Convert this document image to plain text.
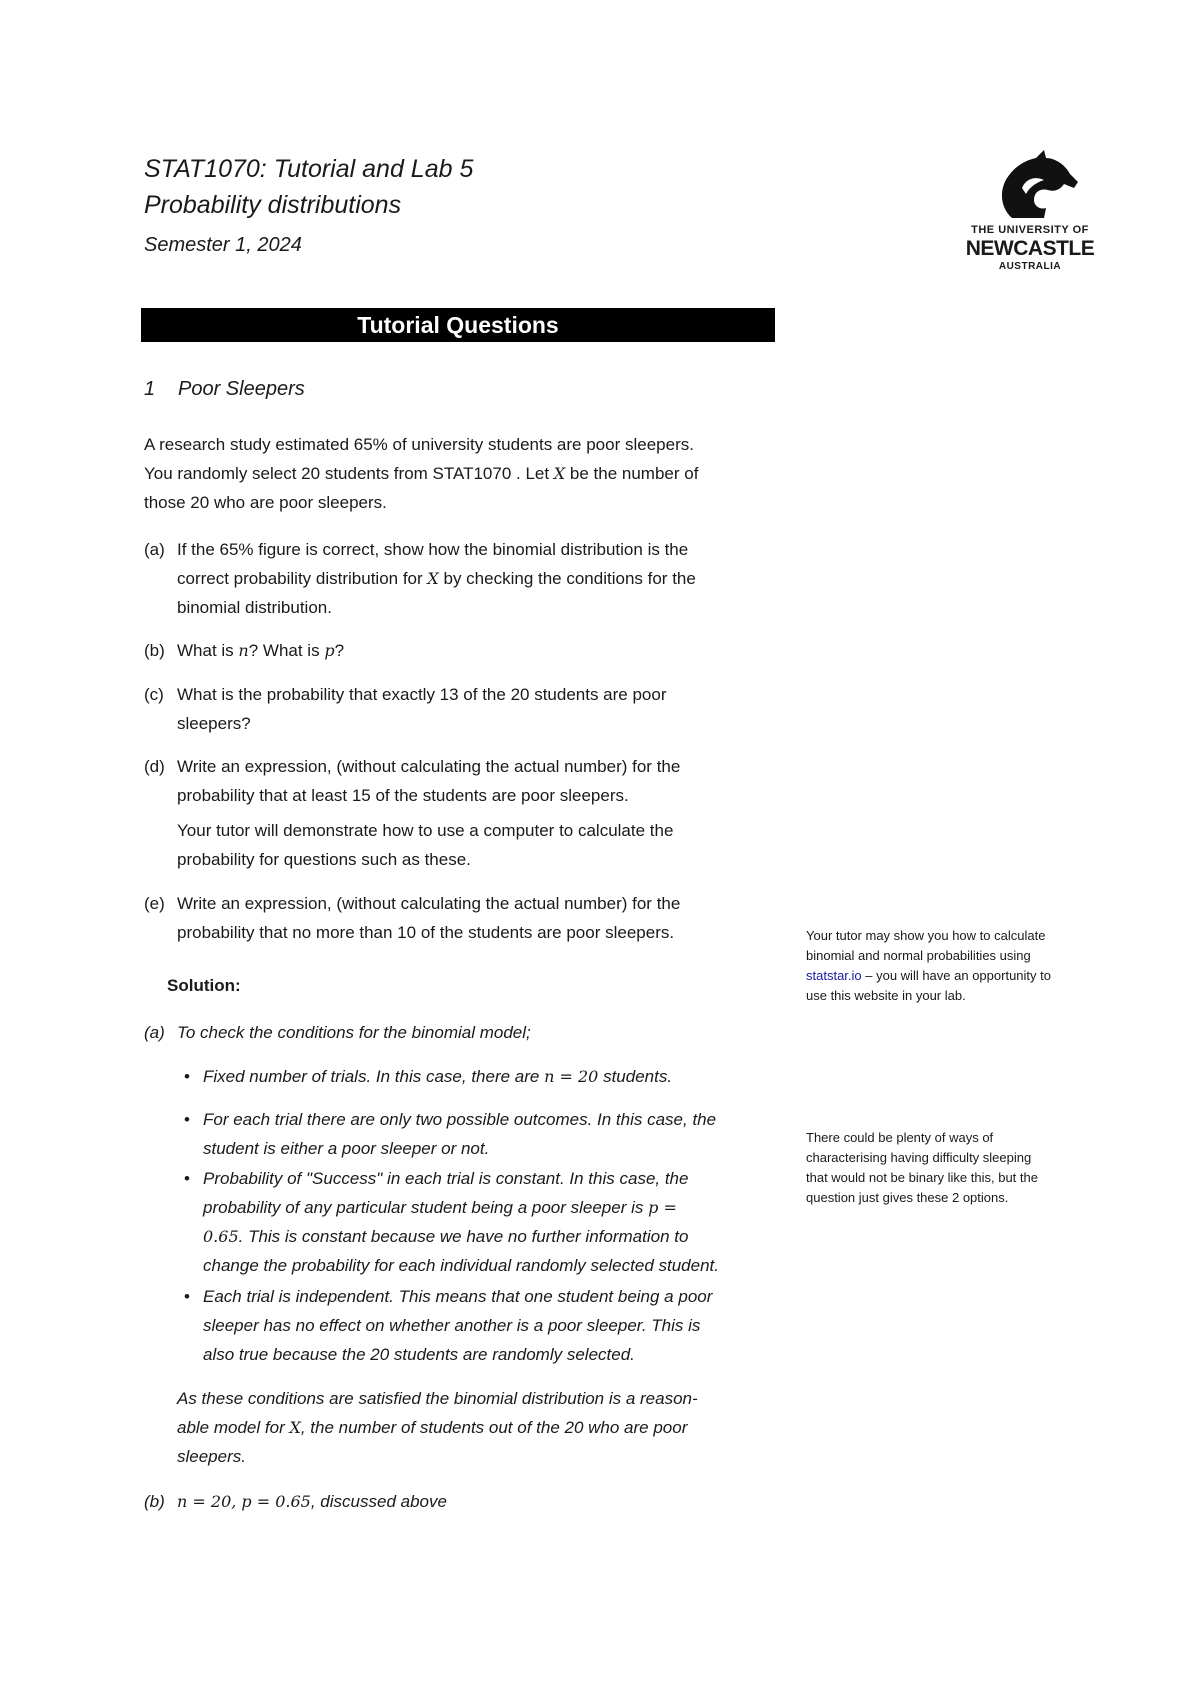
STAT1070: Tutorial and Lab 5
Probability distributions
Semester 1, 2024
THE UNIVERSITY OF
NEWCASTLE
AUSTRALIA
Tutorial Questions
1 Poor Sleepers
A research study estimated 65% of university students are poor sleepers.
You randomly select 20 students from STAT1070 . Let X be the number of
those 20 who are poor sleepers.
(a) If the 65% figure is correct, show how the binomial distribution is the
correct probability distribution for X by checking the conditions for the
binomial distribution.
(b) What is n? What is p?
(c) What is the probability that exactly 13 of the 20 students are poor
sleepers?
(d) Write an expression, (without calculating the actual number) for the
probability that at least 15 of the students are poor sleepers.
Your tutor will demonstrate how to use a computer to calculate the
probability for questions such as these.
(e) Write an expression, (without calculating the actual number) for the
probability that no more than 10 of the students are poor sleepers.	Your tutor may show you how to calculate
binomial and normal probabilities using
statstar.io – you will have an opportunity to
use this website in your lab.
Solution:
(a) To check the conditions for the binomial model;
• Fixed number of trials. In this case, there are n = 20 students.
• For each trial there are only two possible outcomes. In this case, the
student is either a poor sleeper or not.
There could be plenty of ways of
characterising having difficulty sleeping
that would not be binary like this, but the
question just gives these 2 options.
• Probability of "Success" in each trial is constant. In this case, the
probability of any particular student being a poor sleeper is p =
0.65. This is constant because we have no further information to
change the probability for each individual randomly selected student.
• Each trial is independent. This means that one student being a poor
sleeper has no effect on whether another is a poor sleeper. This is
also true because the 20 students are randomly selected.
As these conditions are satisfied the binomial distribution is a reason-
able model for X, the number of students out of the 20 who are poor
sleepers.
(b) n = 20, p = 0.65, discussed above
